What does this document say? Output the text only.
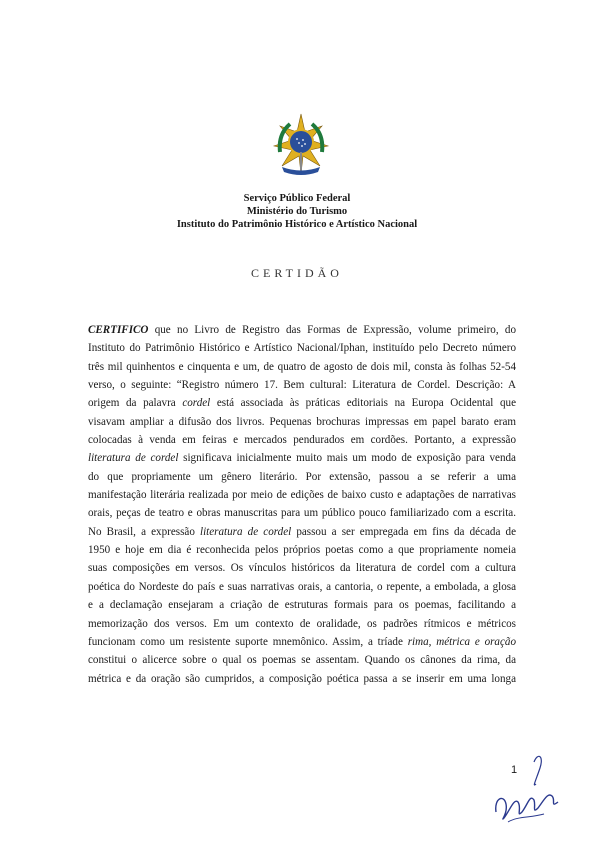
Serviço Público Federal
Ministério do Turismo
Instituto do Patrimônio Histórico e Artístico Nacional
CERTIDÃO
CERTIFICO que no Livro de Registro das Formas de Expressão, volume primeiro, do
Instituto do Patrimônio Histórico e Artístico Nacional/Iphan, instituído pelo Decreto número
três mil quinhentos e cinquenta e um, de quatro de agosto de dois mil, consta às folhas 52-54
verso, o seguinte: “Registro número 17. Bem cultural: Literatura de Cordel. Descrição: A
origem da palavra cordel está associada às práticas editoriais na Europa Ocidental que
visavam ampliar a difusão dos livros. Pequenas brochuras impressas em papel barato eram
colocadas à venda em feiras e mercados pendurados em cordões. Portanto, a expressão
literatura de cordel significava inicialmente muito mais um modo de exposição para venda
do que propriamente um gênero literário. Por extensão, passou a se referir a uma
manifestação literária realizada por meio de edições de baixo custo e adaptações de narrativas
orais, peças de teatro e obras manuscritas para um público pouco familiarizado com a escrita.
No Brasil, a expressão literatura de cordel passou a ser empregada em fins da década de
1950 e hoje em dia é reconhecida pelos próprios poetas como a que propriamente nomeia
suas composições em versos. Os vínculos históricos da literatura de cordel com a cultura
poética do Nordeste do país e suas narrativas orais, a cantoria, o repente, a embolada, a glosa
e a declamação ensejaram a criação de estruturas formais para os poemas, facilitando a
memorização dos versos. Em um contexto de oralidade, os padrões rítmicos e métricos
funcionam como um resistente suporte mnemônico. Assim, a tríade rima, métrica e oração
constitui o alicerce sobre o qual os poemas se assentam. Quando os cânones da rima, da
métrica e da oração são cumpridos, a composição poética passa a se inserir em uma longa
1
